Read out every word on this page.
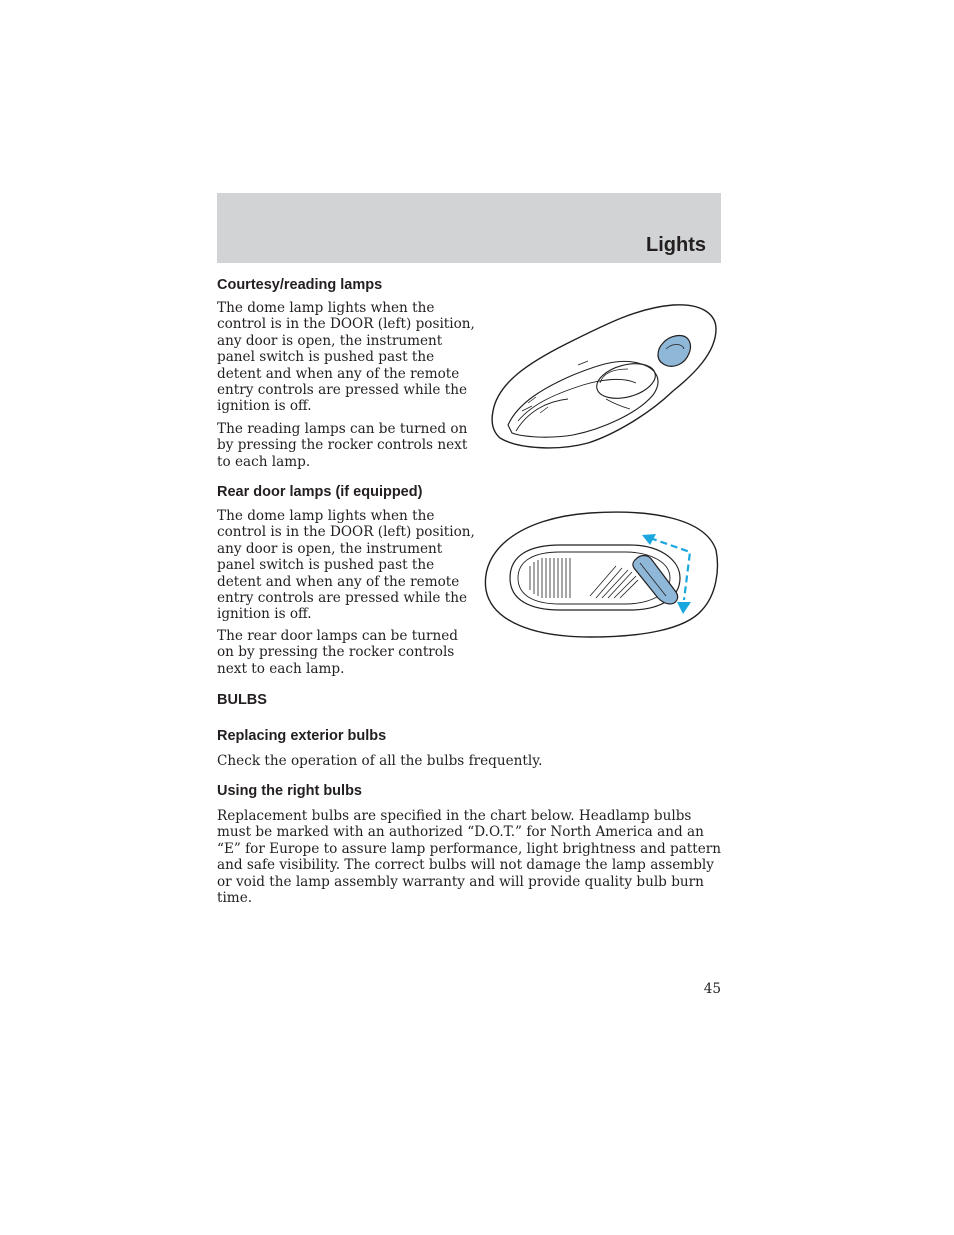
Lights
Courtesy/reading lamps

The dome lamp lights when the control is in the DOOR (left) position, any door is open, the instrument panel switch is pushed past the detent and when any of the remote entry controls are pressed while the ignition is off.

The reading lamps can be turned on by pressing the rocker controls next to each lamp.

Rear door lamps (if equipped)

The dome lamp lights when the control is in the DOOR (left) position, any door is open, the instrument panel switch is pushed past the detent and when any of the remote entry controls are pressed while the ignition is off.

The rear door lamps can be turned on by pressing the rocker controls next to each lamp.

BULBS
Replacing exterior bulbs

Check the operation of all the bulbs frequently.

Using the right bulbs

Replacement bulbs are specified in the chart below. Headlamp bulbs must be marked with an authorized “D.O.T.” for North America and an “E” for Europe to assure lamp performance, light brightness and pattern and safe visibility. The correct bulbs will not damage the lamp assembly or void the lamp assembly warranty and will provide quality bulb burn time.

45
